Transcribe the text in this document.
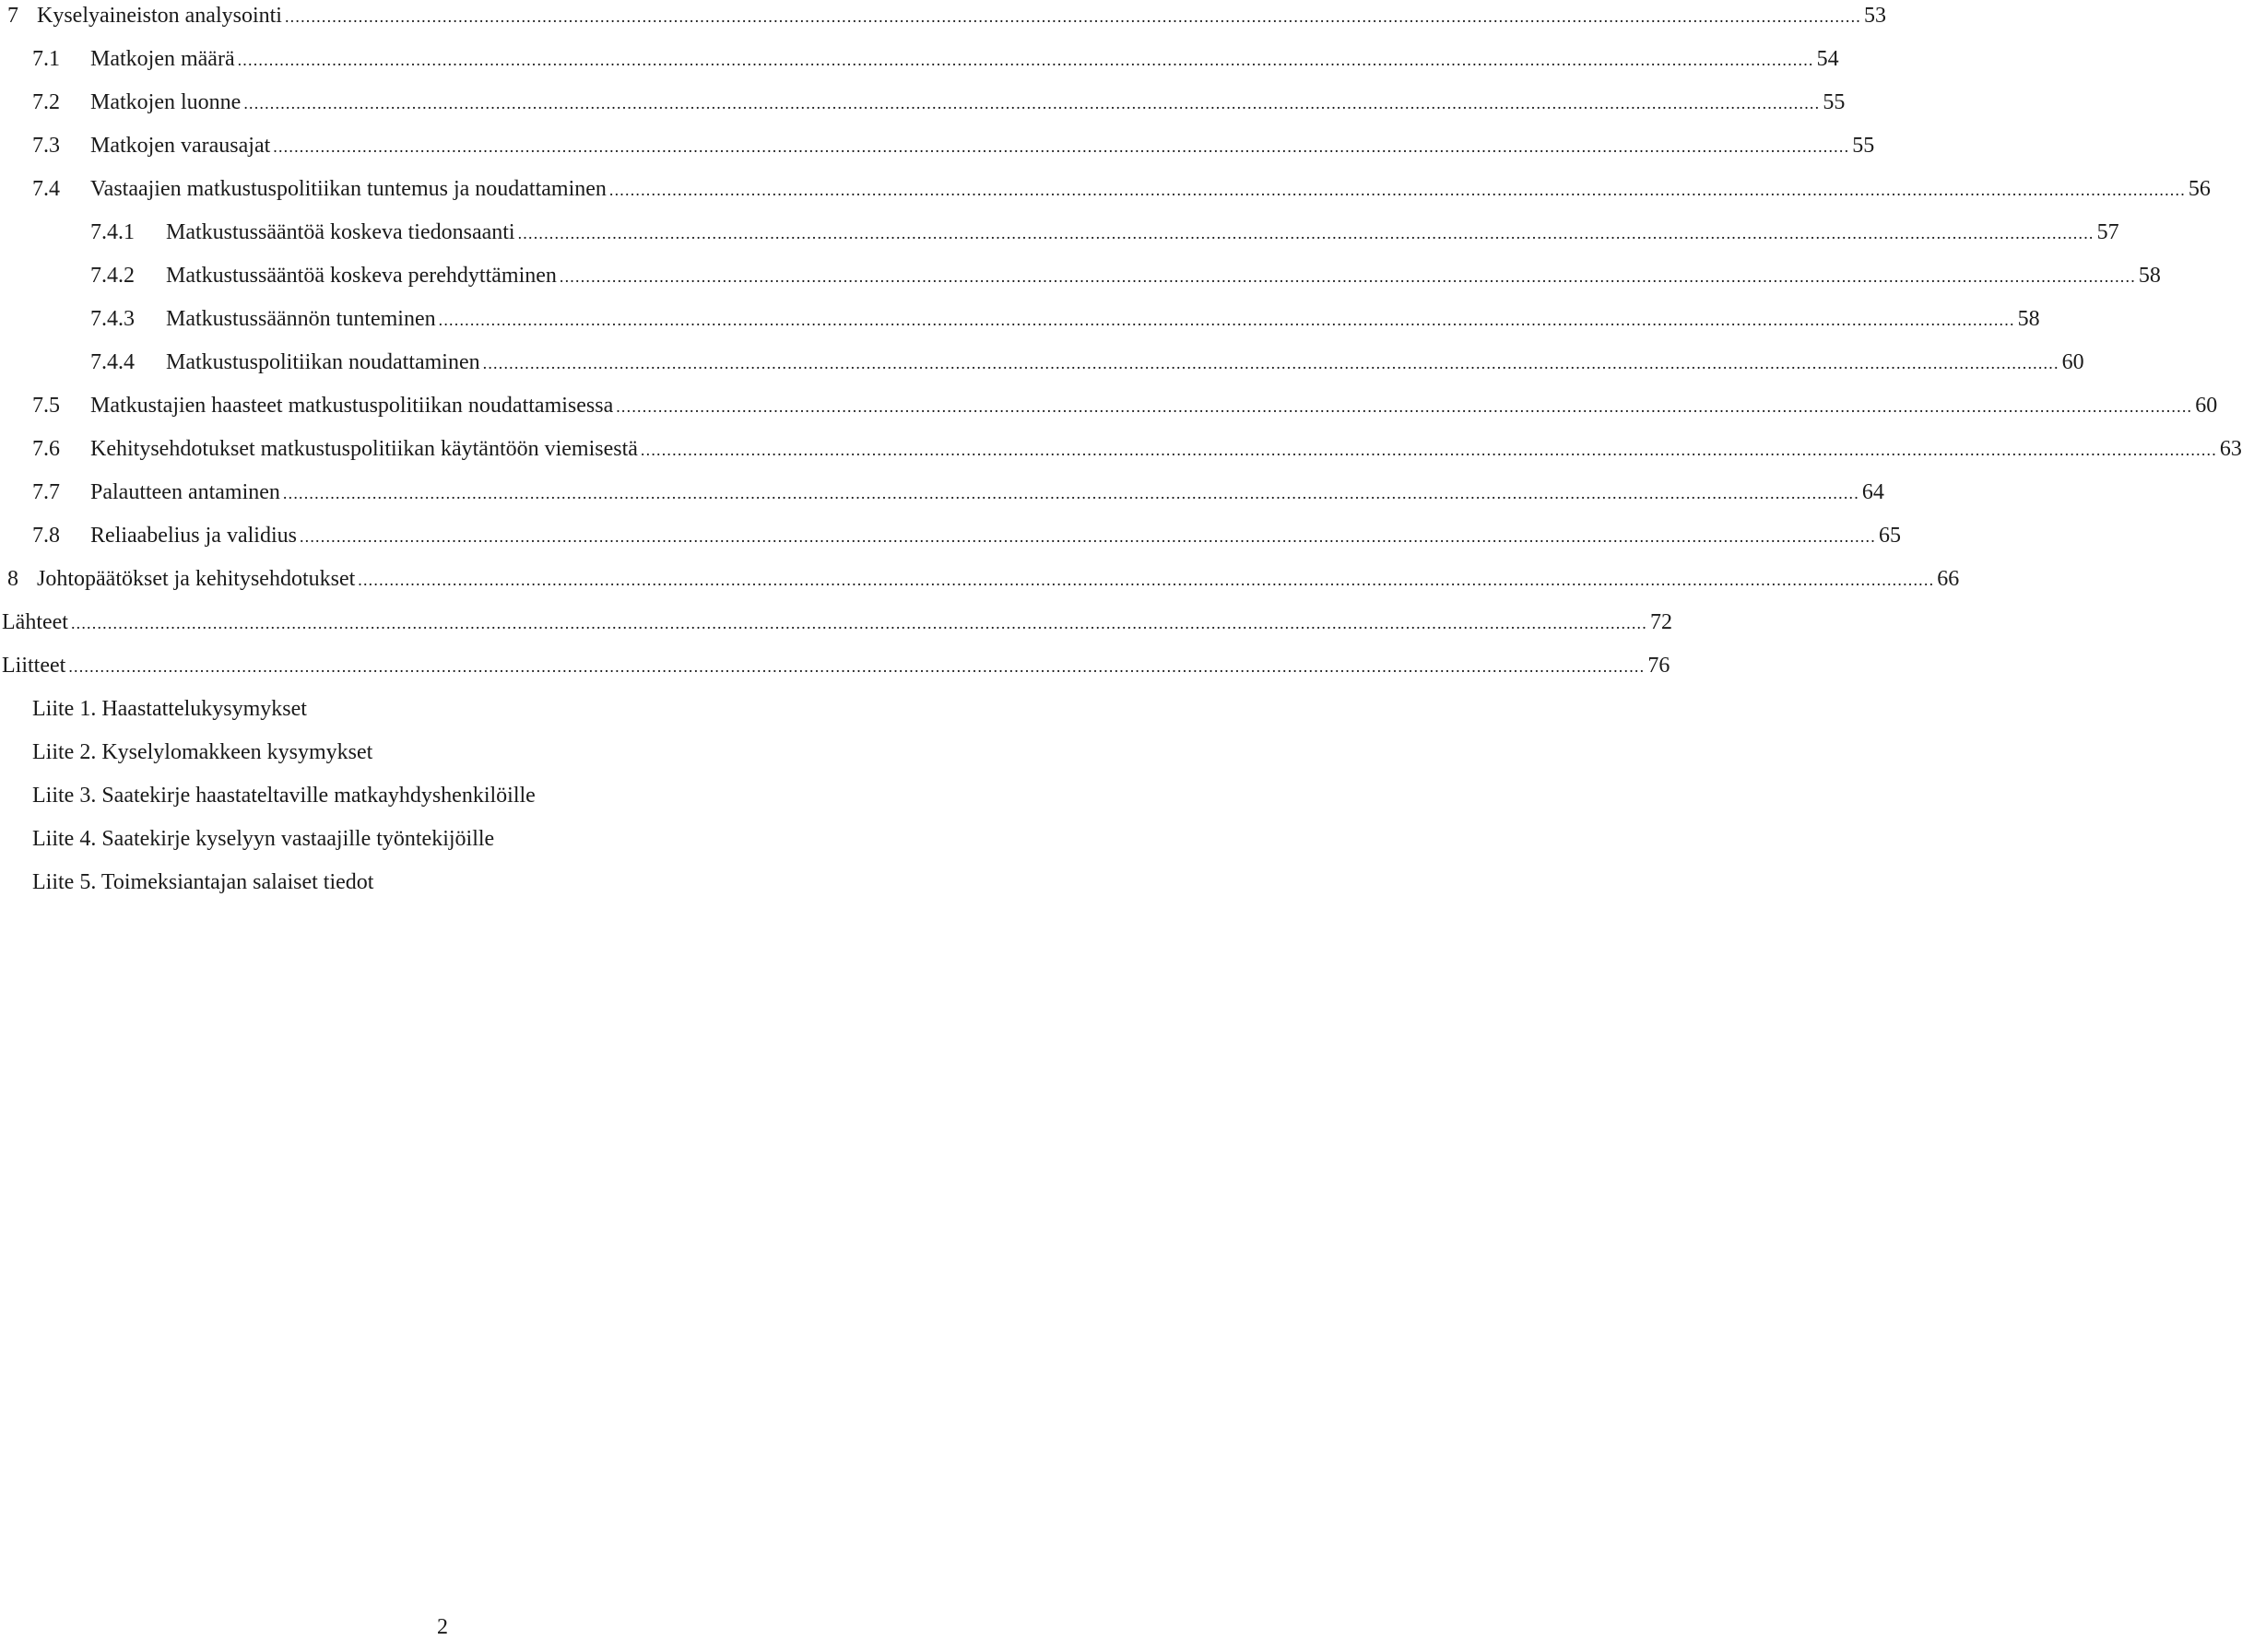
7 Kyselyaineiston analysointi ............................................................................................................................................................................................................................................................................................................ 53
7.1 Matkojen määrä ............................................................................................................................................................................................................................................................................................................ 54
7.2 Matkojen luonne ............................................................................................................................................................................................................................................................................................................ 55
7.3 Matkojen varausajat ............................................................................................................................................................................................................................................................................................................ 55
7.4 Vastaajien matkustuspolitiikan tuntemus ja noudattaminen ............................................................................................................................................................................................................................................................................................................ 56
7.4.1 Matkustussääntöä koskeva tiedonsaanti ............................................................................................................................................................................................................................................................................................................ 57
7.4.2 Matkustussääntöä koskeva perehdyttäminen ............................................................................................................................................................................................................................................................................................................ 58
7.4.3 Matkustussäännön tunteminen ............................................................................................................................................................................................................................................................................................................ 58
7.4.4 Matkustuspolitiikan noudattaminen ............................................................................................................................................................................................................................................................................................................ 60
7.5 Matkustajien haasteet matkustuspolitiikan noudattamisessa ............................................................................................................................................................................................................................................................................................................ 60
7.6 Kehitysehdotukset matkustuspolitiikan käytäntöön viemisestä ............................................................................................................................................................................................................................................................................................................ 63
7.7 Palautteen antaminen ............................................................................................................................................................................................................................................................................................................ 64
7.8 Reliaabelius ja validius ............................................................................................................................................................................................................................................................................................................ 65
8 Johtopäätökset ja kehitysehdotukset ............................................................................................................................................................................................................................................................................................................ 66
Lähteet ............................................................................................................................................................................................................................................................................................................ 72
Liitteet ............................................................................................................................................................................................................................................................................................................ 76
Liite 1. Haastattelukysymykset
Liite 2. Kyselylomakkeen kysymykset
Liite 3. Saatekirje haastateltaville matkayhdyshenkilöille
Liite 4. Saatekirje kyselyyn vastaajille työntekijöille
Liite 5. Toimeksiantajan salaiset tiedot
2
